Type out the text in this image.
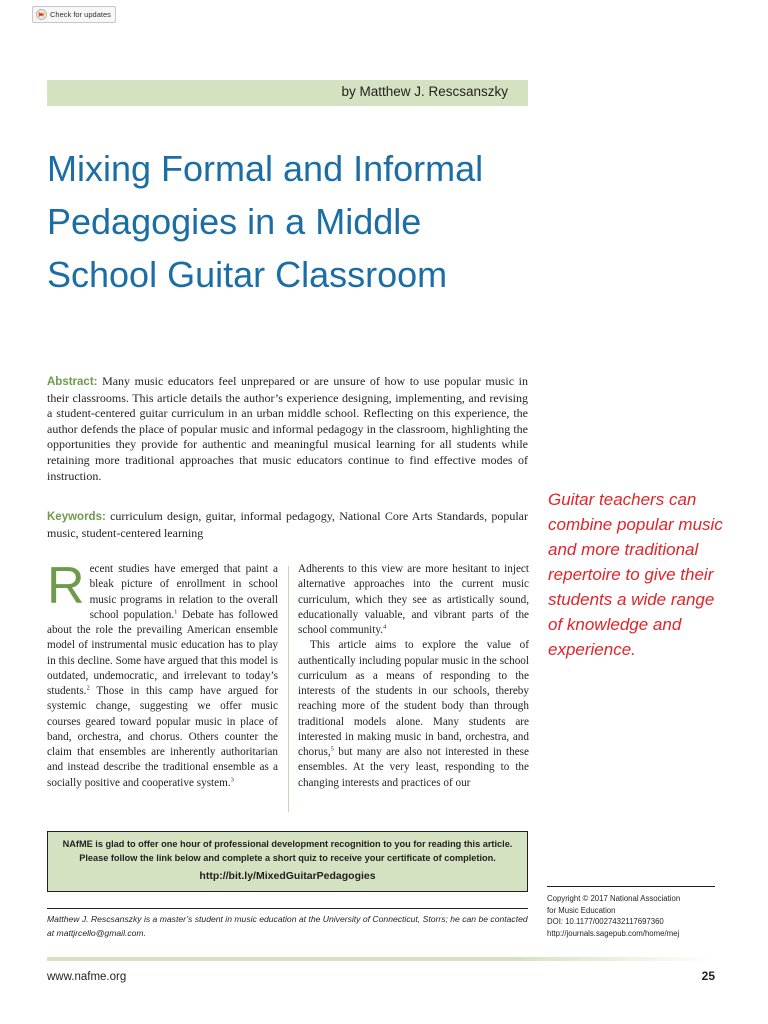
Check for updates
by Matthew J. Rescsanszky
Mixing Formal and Informal Pedagogies in a Middle School Guitar Classroom
Abstract: Many music educators feel unprepared or are unsure of how to use popular music in their classrooms. This article details the author’s experience designing, implementing, and revising a student-centered guitar curriculum in an urban middle school. Reflecting on this experience, the author defends the place of popular music and informal pedagogy in the classroom, highlighting the opportunities they provide for authentic and meaningful musical learning for all students while retaining more traditional approaches that music educators continue to find effective modes of instruction.
Keywords: curriculum design, guitar, informal pedagogy, National Core Arts Standards, popular music, student-centered learning
Guitar teachers can combine popular music and more traditional repertoire to give their students a wide range of knowledge and experience.

Recent studies have emerged that paint a bleak picture of enrollment in school music programs in relation to the overall school population.$^1$ Debate has followed about the role the prevailing American ensemble model of instrumental music education has to play in this decline. Some have argued that this model is outdated, undemocratic, and irrelevant to today’s students.$^2$ Those in this camp have argued for systemic change, suggesting we offer music courses geared toward popular music in place of band, orchestra, and chorus. Others counter the claim that ensembles are inherently authoritarian and instead describe the traditional ensemble as a socially positive and cooperative system.$^3$

Adherents to this view are more hesitant to inject alternative approaches into the current music curriculum, which they see as artistically sound, educationally valuable, and vibrant parts of the school community.$^4$

This article aims to explore the value of authentically including popular music in the school curriculum as a means of responding to the interests of the students in our schools, thereby reaching more of the student body than through traditional models alone. Many students are interested in making music in band, orchestra, and chorus,$^5$ but many are also not interested in these ensembles. At the very least, responding to the changing interests and practices of our

NAfME is glad to offer one hour of professional development recognition to you for reading this article.
Please follow the link below and complete a short quiz to receive your certificate of completion.
http://bit.ly/MixedGuitarPedagogies
Matthew J. Rescsanszky is a master’s student in music education at the University of Connecticut, Storrs; he can be contacted at mattjrcello@gmail.com.
Copyright © 2017 National Association
for Music Education
DOI: 10.1177/0027432117697360
http://journals.sagepub.com/home/mej
www.nafme.org	25
